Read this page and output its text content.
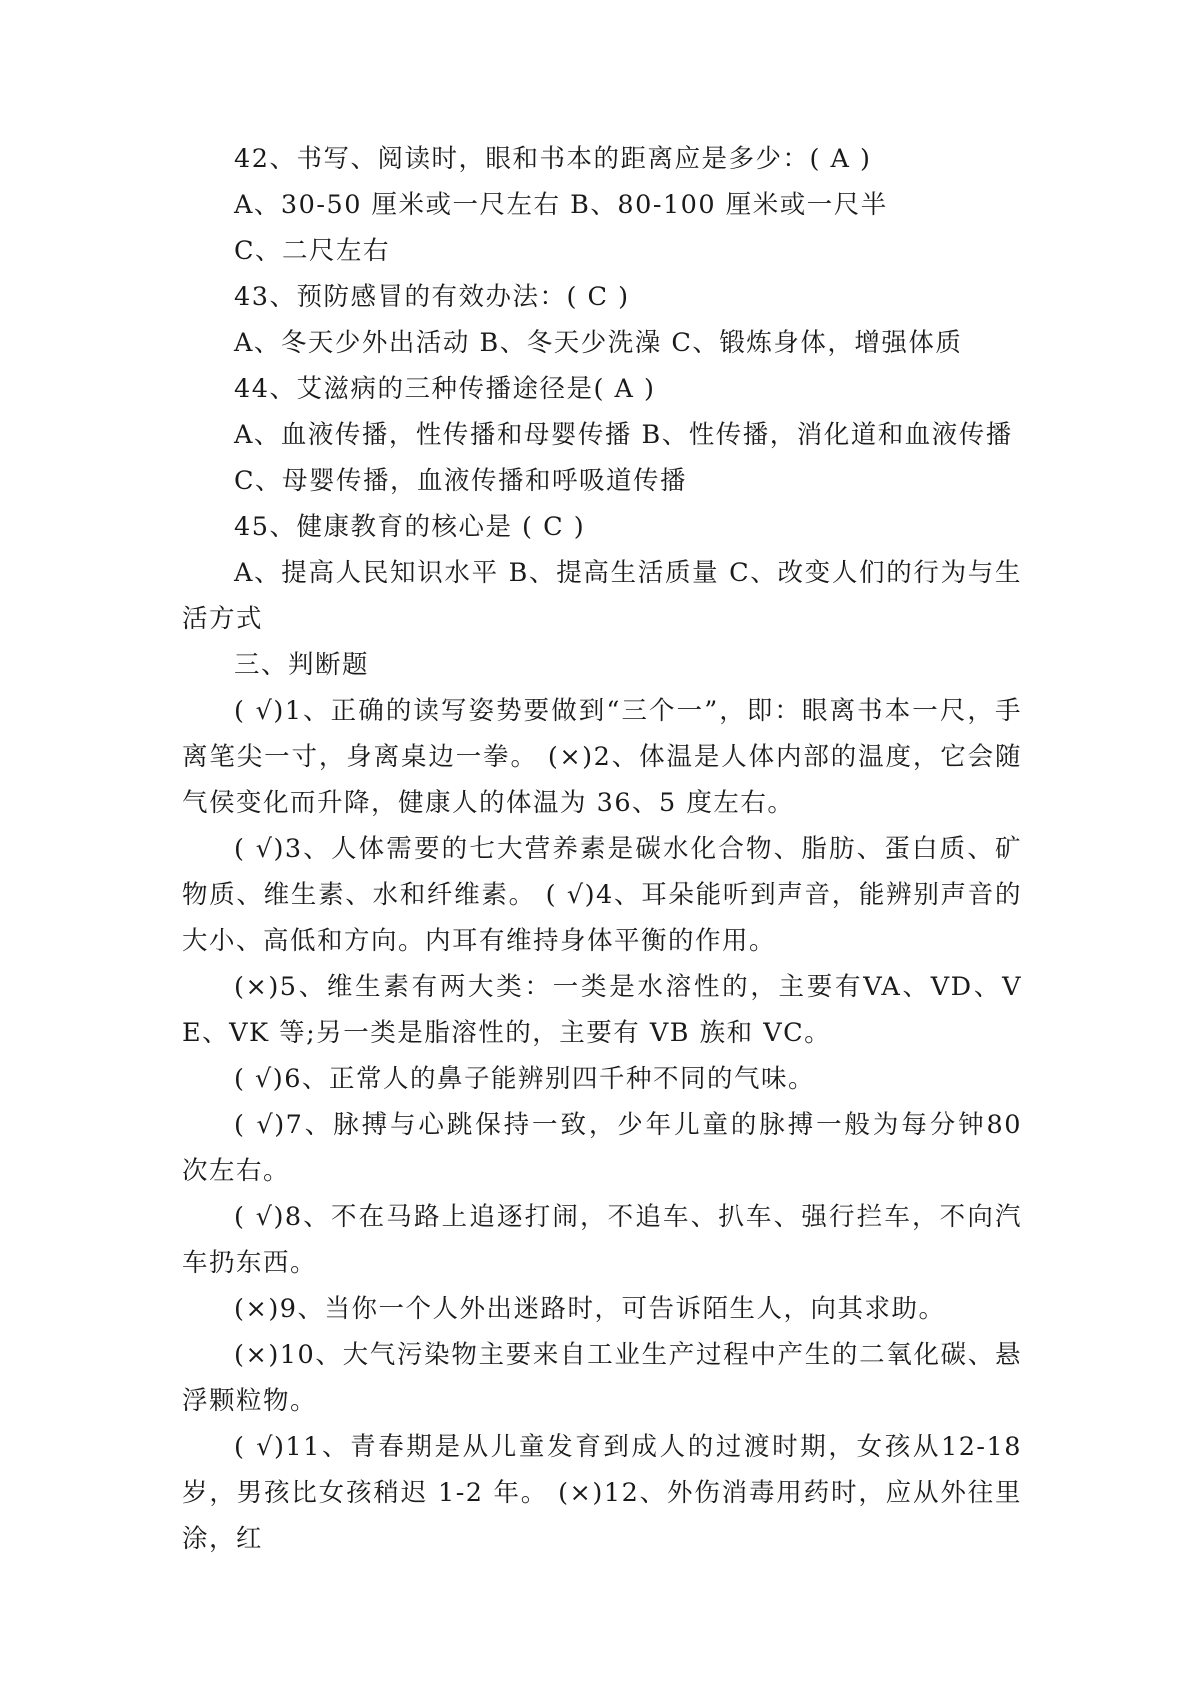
42、书写、阅读时，眼和书本的距离应是多少：( A )

A、30-50 厘米或一尺左右 B、80-100 厘米或一尺半

C、二尺左右

43、预防感冒的有效办法：( C )

A、冬天少外出活动 B、冬天少洗澡 C、锻炼身体，增强体质

44、艾滋病的三种传播途径是( A )

A、血液传播，性传播和母婴传播 B、性传播，消化道和血液传播

C、母婴传播，血液传播和呼吸道传播

45、健康教育的核心是 ( C )

A、提高人民知识水平 B、提高生活质量 C、改变人们的行为与生活方式

三、判断题

( √)1、正确的读写姿势要做到“三个一”，即：眼离书本一尺，手离笔尖一寸，身离桌边一拳。 (×)2、体温是人体内部的温度，它会随气侯变化而升降，健康人的体温为 36、5 度左右。

( √)3、人体需要的七大营养素是碳水化合物、脂肪、蛋白质、矿物质、维生素、水和纤维素。 ( √)4、耳朵能听到声音，能辨别声音的大小、高低和方向。内耳有维持身体平衡的作用。

(×)5、维生素有两大类：一类是水溶性的，主要有VA、VD、VE、VK 等;另一类是脂溶性的，主要有 VB 族和 VC。

( √)6、正常人的鼻子能辨别四千种不同的气味。

( √)7、脉搏与心跳保持一致，少年儿童的脉搏一般为每分钟80 次左右。

( √)8、不在马路上追逐打闹，不追车、扒车、强行拦车，不向汽车扔东西。

(×)9、当你一个人外出迷路时，可告诉陌生人，向其求助。

(×)10、大气污染物主要来自工业生产过程中产生的二氧化碳、悬浮颗粒物。

( √)11、青春期是从儿童发育到成人的过渡时期，女孩从12-18 岁，男孩比女孩稍迟 1-2 年。 (×)12、外伤消毒用药时，应从外往里涂，红
